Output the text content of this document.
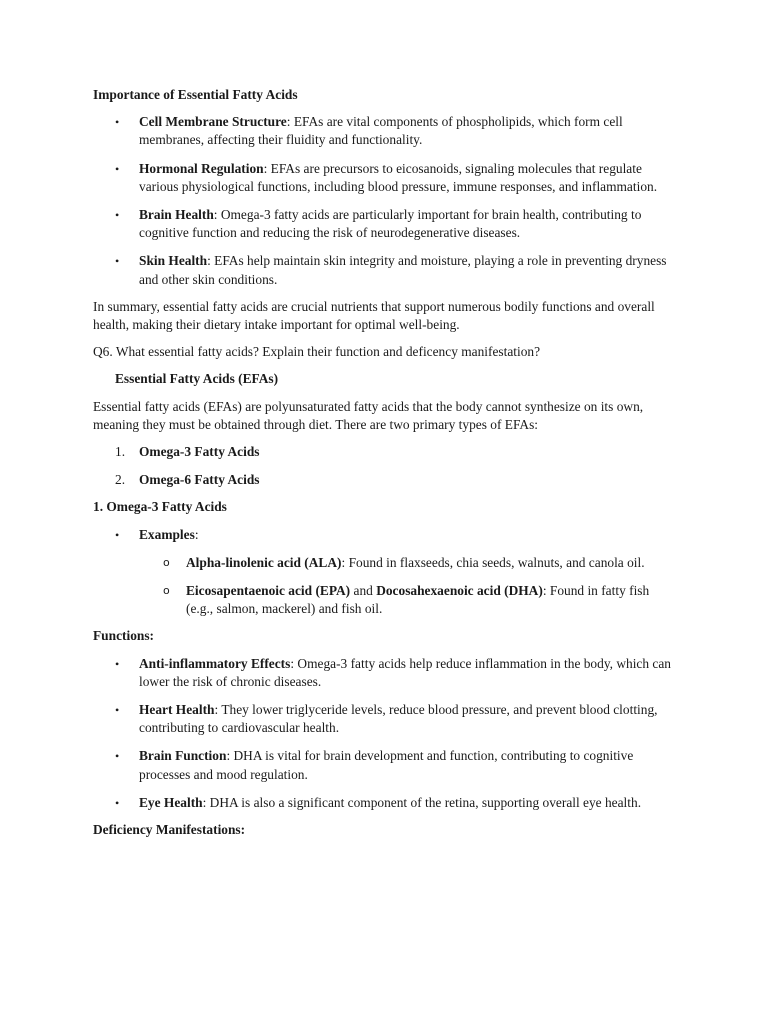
Importance of Essential Fatty Acids

• Cell Membrane Structure: EFAs are vital components of phospholipids, which form cell membranes, affecting their fluidity and functionality.
• Hormonal Regulation: EFAs are precursors to eicosanoids, signaling molecules that regulate various physiological functions, including blood pressure, immune responses, and inflammation.
• Brain Health: Omega-3 fatty acids are particularly important for brain health, contributing to cognitive function and reducing the risk of neurodegenerative diseases.
• Skin Health: EFAs help maintain skin integrity and moisture, playing a role in preventing dryness and other skin conditions.

In summary, essential fatty acids are crucial nutrients that support numerous bodily functions and overall health, making their dietary intake important for optimal well-being.

Q6. What essential fatty acids? Explain their function and deficency manifestation?

Essential Fatty Acids (EFAs)

Essential fatty acids (EFAs) are polyunsaturated fatty acids that the body cannot synthesize on its own, meaning they must be obtained through diet. There are two primary types of EFAs:

1. Omega-3 Fatty Acids
2. Omega-6 Fatty Acids

1. Omega-3 Fatty Acids

• Examples:
o Alpha-linolenic acid (ALA): Found in flaxseeds, chia seeds, walnuts, and canola oil.
o Eicosapentaenoic acid (EPA) and Docosahexaenoic acid (DHA): Found in fatty fish (e.g., salmon, mackerel) and fish oil.

Functions:

• Anti-inflammatory Effects: Omega-3 fatty acids help reduce inflammation in the body, which can lower the risk of chronic diseases.
• Heart Health: They lower triglyceride levels, reduce blood pressure, and prevent blood clotting, contributing to cardiovascular health.
• Brain Function: DHA is vital for brain development and function, contributing to cognitive processes and mood regulation.
• Eye Health: DHA is also a significant component of the retina, supporting overall eye health.

Deficiency Manifestations:
